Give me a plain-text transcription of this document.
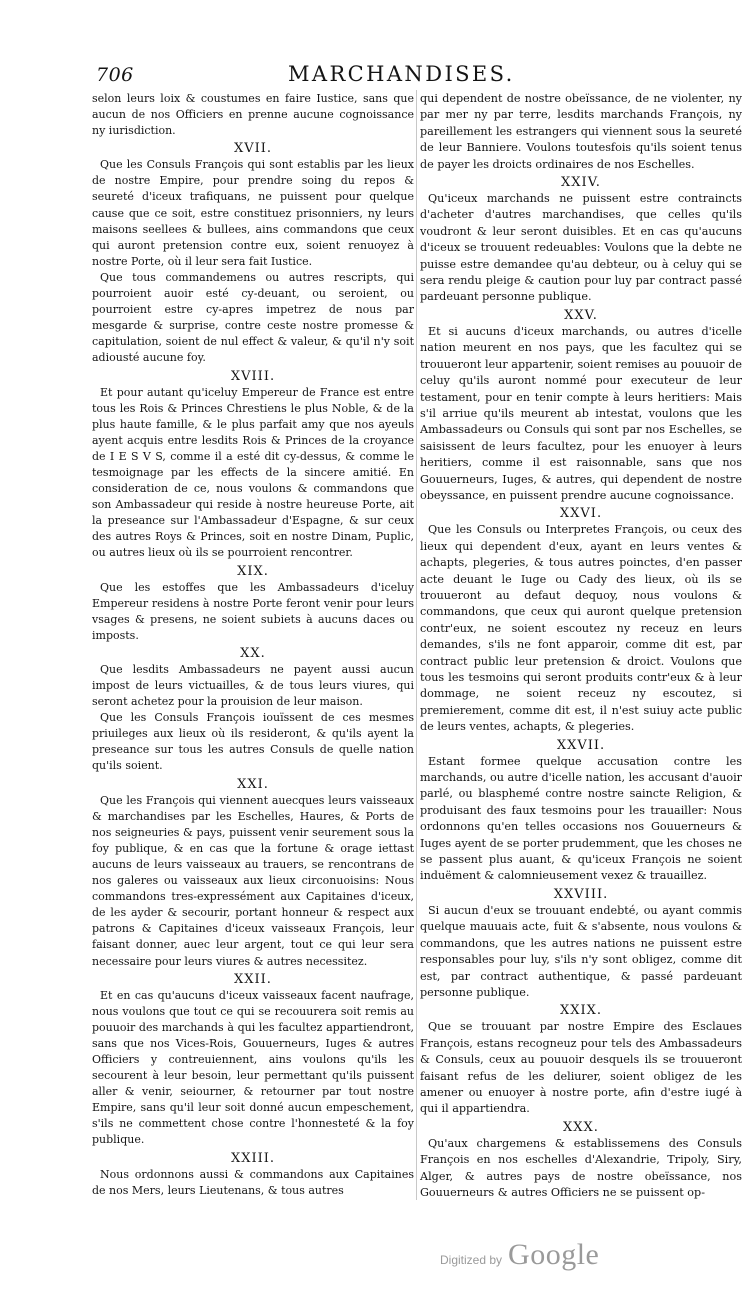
706	MARCHANDISES.

selon leurs loix & coustumes en faire Iustice, sans que aucun de nos Officiers en prenne aucune cognoissance ny iurisdiction.

XVII.

Que les Consuls François qui sont establis par les lieux de nostre Empire, pour prendre soing du repos & seureté d'iceux trafiquans, ne puissent pour quelque cause que ce soit, estre constituez prisonniers, ny leurs maisons seellees & bullees, ains commandons que ceux qui auront pretension contre eux, soient renuoyez à nostre Porte, où il leur sera fait Iustice.

Que tous commandemens ou autres rescripts, qui pourroient auoir esté cy-deuant, ou seroient, ou pourroient estre cy-apres impetrez de nous par mesgarde & surprise, contre ceste nostre promesse & capitulation, soient de nul effect & valeur, & qu'il n'y soit adiousté aucune foy.

XVIII.

Et pour autant qu'iceluy Empereur de France est entre tous les Rois & Princes Chrestiens le plus Noble, & de la plus haute famille, & le plus parfait amy que nos ayeuls ayent acquis entre lesdits Rois & Princes de la croyance de I E S V S, comme il a esté dit cy-dessus, & comme le tesmoignage par les effects de la sincere amitié. En consideration de ce, nous voulons & commandons que son Ambassadeur qui reside à nostre heureuse Porte, ait la preseance sur l'Ambassadeur d'Espagne, & sur ceux des autres Roys & Princes, soit en nostre Dinam, Puplic, ou autres lieux où ils se pourroient rencontrer.

XIX.

Que les estoffes que les Ambassadeurs d'iceluy Empereur residens à nostre Porte feront venir pour leurs vsages & presens, ne soient subiets à aucuns daces ou imposts.

XX.

Que lesdits Ambassadeurs ne payent aussi aucun impost de leurs victuailles, & de tous leurs viures, qui seront achetez pour la prouision de leur maison.

Que les Consuls François iouïssent de ces mesmes priuileges aux lieux où ils resideront, & qu'ils ayent la preseance sur tous les autres Consuls de quelle nation qu'ils soient.

XXI.

Que les François qui viennent auecques leurs vaisseaux & marchandises par les Eschelles, Haures, & Ports de nos seigneuries & pays, puissent venir seurement sous la foy publique, & en cas que la fortune & orage iettast aucuns de leurs vaisseaux au trauers, se rencontrans de nos galeres ou vaisseaux aux lieux circonuoisins: Nous commandons tres-expressément aux Capitaines d'iceux, de les ayder & secourir, portant honneur & respect aux patrons & Capitaines d'iceux vaisseaux François, leur faisant donner, auec leur argent, tout ce qui leur sera necessaire pour leurs viures & autres necessitez.

XXII.

Et en cas qu'aucuns d'iceux vaisseaux facent naufrage, nous voulons que tout ce qui se recouurera soit remis au pouuoir des marchands à qui les facultez appartiendront, sans que nos Vices-Rois, Gouuerneurs, Iuges & autres Officiers y contreuiennent, ains voulons qu'ils les secourent à leur besoin, leur permettant qu'ils puissent aller & venir, seiourner, & retourner par tout nostre Empire, sans qu'il leur soit donné aucun empeschement, s'ils ne commettent chose contre l'honnesteté & la foy publique.

XXIII.

Nous ordonnons aussi & commandons aux Capitaines de nos Mers, leurs Lieutenans, & tous autres

qui dependent de nostre obeïssance, de ne violenter, ny par mer ny par terre, lesdits marchands François, ny pareillement les estrangers qui viennent sous la seureté de leur Banniere. Voulons toutesfois qu'ils soient tenus de payer les droicts ordinaires de nos Eschelles.

XXIV.

Qu'iceux marchands ne puissent estre contraincts d'acheter d'autres marchandises, que celles qu'ils voudront & leur seront duisibles. Et en cas qu'aucuns d'iceux se trouuent redeuables: Voulons que la debte ne puisse estre demandee qu'au debteur, ou à celuy qui se sera rendu pleige & caution pour luy par contract passé pardeuant personne publique.

XXV.

Et si aucuns d'iceux marchands, ou autres d'icelle nation meurent en nos pays, que les facultez qui se trouueront leur appartenir, soient remises au pouuoir de celuy qu'ils auront nommé pour executeur de leur testament, pour en tenir compte à leurs heritiers: Mais s'il arriue qu'ils meurent ab intestat, voulons que les Ambassadeurs ou Consuls qui sont par nos Eschelles, se saisissent de leurs facultez, pour les enuoyer à leurs heritiers, comme il est raisonnable, sans que nos Gouuerneurs, Iuges, & autres, qui dependent de nostre obeyssance, en puissent prendre aucune cognoissance.

XXVI.

Que les Consuls ou Interpretes François, ou ceux des lieux qui dependent d'eux, ayant en leurs ventes & achapts, plegeries, & tous autres poinctes, d'en passer acte deuant le Iuge ou Cady des lieux, où ils se trouueront au defaut dequoy, nous voulons & commandons, que ceux qui auront quelque pretension contr'eux, ne soient escoutez ny receuz en leurs demandes, s'ils ne font apparoir, comme dit est, par contract public leur pretension & droict. Voulons que tous les tesmoins qui seront produits contr'eux & à leur dommage, ne soient receuz ny escoutez, si premierement, comme dit est, il n'est suiuy acte public de leurs ventes, achapts, & plegeries.

XXVII.

Estant formee quelque accusation contre les marchands, ou autre d'icelle nation, les accusant d'auoir parlé, ou blasphemé contre nostre saincte Religion, & produisant des faux tesmoins pour les trauailler: Nous ordonnons qu'en telles occasions nos Gouuerneurs & Iuges ayent de se porter prudemment, que les choses ne se passent plus auant, & qu'iceux François ne soient induëment & calomnieusement vexez & trauaillez.

XXVIII.

Si aucun d'eux se trouuant endebté, ou ayant commis quelque mauuais acte, fuit & s'absente, nous voulons & commandons, que les autres nations ne puissent estre responsables pour luy, s'ils n'y sont obligez, comme dit est, par contract authentique, & passé pardeuant personne publique.

XXIX.

Que se trouuant par nostre Empire des Esclaues François, estans recogneuz pour tels des Ambassadeurs & Consuls, ceux au pouuoir desquels ils se trouueront faisant refus de les deliurer, soient obligez de les amener ou enuoyer à nostre porte, afin d'estre iugé à qui il appartiendra.

XXX.

Qu'aux chargemens & establissemens des Consuls François en nos eschelles d'Alexandrie, Tripoly, Siry, Alger, & autres pays de nostre obeïssance, nos Gouuerneurs & autres Officiers ne se puissent op-

Digitized by Google
